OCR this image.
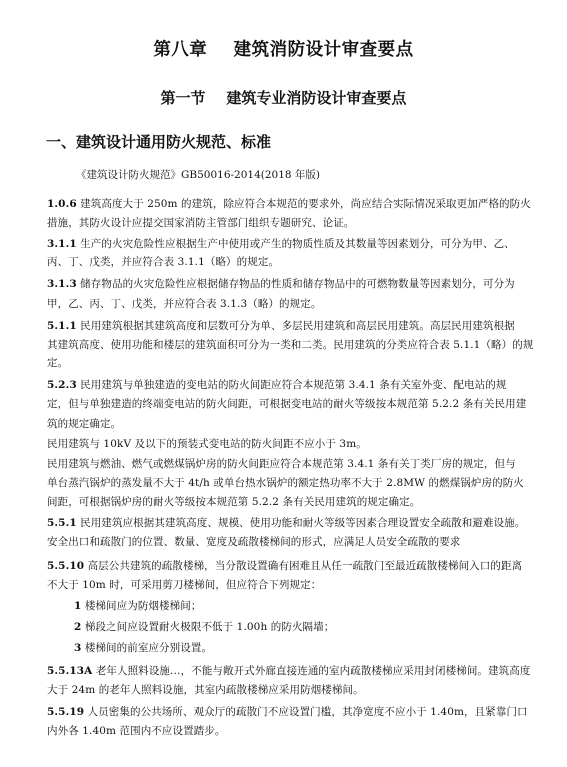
第八章    建筑消防设计审查要点
第一节    建筑专业消防设计审查要点
一、建筑设计通用防火规范、标准
《建筑设计防火规范》GB50016-2014(2018 年版)
1.0.6 建筑高度大于 250m 的建筑，除应符合本规范的要求外，尚应结合实际情况采取更加严格的防火
措施，其防火设计应提交国家消防主管部门组织专题研究、论证。
3.1.1 生产的火灾危险性应根据生产中使用或产生的物质性质及其数量等因素划分，可分为甲、乙、
丙、丁、戊类，并应符合表 3.1.1（略）的规定。
3.1.3 储存物品的火灾危险性应根据储存物品的性质和储存物品中的可燃物数量等因素划分，可分为
甲，乙、丙、丁、戊类，并应符合表 3.1.3（略）的规定。
5.1.1 民用建筑根据其建筑高度和层数可分为单、多层民用建筑和高层民用建筑。高层民用建筑根据
其建筑高度、使用功能和楼层的建筑面积可分为一类和二类。民用建筑的分类应符合表 5.1.1（略）的规
定。
5.2.3 民用建筑与单独建造的变电站的防火间距应符合本规范第 3.4.1 条有关室外变、配电站的规
定，但与单独建造的终端变电站的防火间距，可根据变电站的耐火等级按本规范第 5.2.2 条有关民用建
筑的规定确定。
民用建筑与 10kV 及以下的预装式变电站的防火间距不应小于 3m。
民用建筑与燃油、燃气或燃煤锅炉房的防火间距应符合本规范第 3.4.1 条有关丁类厂房的规定，但与
单台蒸汽锅炉的蒸发量不大于 4t/h 或单台热水锅炉的额定热功率不大于 2.8MW 的燃煤锅炉房的防火
间距，可根据锅炉房的耐火等级按本规范第 5.2.2 条有关民用建筑的规定确定。
5.5.1 民用建筑应根据其建筑高度、规模、使用功能和耐火等级等因素合理设置安全疏散和避难设施。
安全出口和疏散门的位置、数量、宽度及疏散楼梯间的形式，应满足人员安全疏散的要求
5.5.10 高层公共建筑的疏散楼梯，当分散设置确有困难且从任一疏散门至最近疏散楼梯间入口的距离
不大于 10m 时，可采用剪刀楼梯间，但应符合下列规定：
1 楼梯间应为防烟楼梯间；
2 梯段之间应设置耐火极限不低于 1.00h 的防火隔墙；
3 楼梯间的前室应分别设置。
5.5.13A 老年人照料设施…，不能与敞开式外廊直接连通的室内疏散楼梯应采用封闭楼梯间。建筑高度
大于 24m 的老年人照料设施，其室内疏散楼梯应采用防烟楼梯间。
5.5.19 人员密集的公共场所、观众厅的疏散门不应设置门槛，其净宽度不应小于 1.40m，且紧靠门口
内外各 1.40m 范围内不应设置踏步。
